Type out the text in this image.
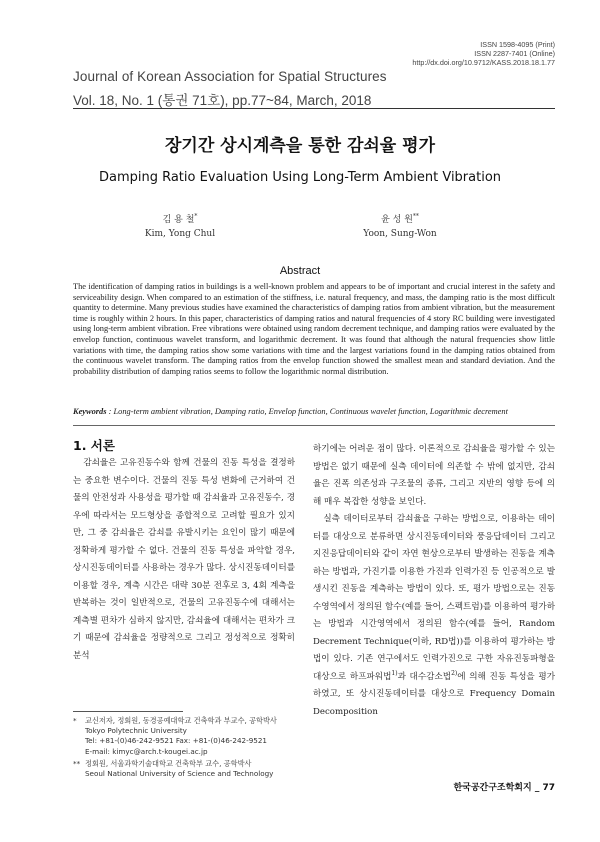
ISSN 1598-4095 (Print)
ISSN 2287-7401 (Online)
http://dx.doi.org/10.9712/KASS.2018.18.1.77
Journal of Korean Association for Spatial Structures
Vol. 18, No. 1 (통권 71호), pp.77~84, March, 2018
장기간 상시계측을 통한 감쇠율 평가
Damping Ratio Evaluation Using Long-Term Ambient Vibration
김 용 철*
Kim, Yong Chul
윤 성 원**
Yoon, Sung-Won
Abstract
The identification of damping ratios in buildings is a well-known problem and appears to be of important and crucial interest in the safety and serviceability design. When compared to an estimation of the stiffness, i.e. natural frequency, and mass, the damping ratio is the most difficult quantity to determine. Many previous studies have examined the characteristics of damping ratios from ambient vibration, but the measurement time is roughly within 2 hours. In this paper, characteristics of damping ratios and natural frequencies of 4 story RC building were investigated using long-term ambient vibration. Free vibrations were obtained using random decrement technique, and damping ratios were evaluated by the envelop function, continuous wavelet transform, and logarithmic decrement. It was found that although the natural frequencies show little variations with time, the damping ratios show some variations with time and the largest variations found in the damping ratios obtained from the continuous wavelet transform. The damping ratios from the envelop function showed the smallest mean and standard deviation. And the probability distribution of damping ratios seems to follow the logarithmic normal distribution.
Keywords : Long-term ambient vibration, Damping ratio, Envelop function, Continuous wavelet function, Logarithmic decrement
1. 서론

감쇠율은 고유진동수와 함께 건물의 진동 특성을 결정하는 중요한 변수이다. 건물의 진동 특성 변화에 근거하여 건물의 안전성과 사용성을 평가할 때 감쇠율과 고유진동수, 경우에 따라서는 모드형상을 종합적으로 고려할 필요가 있지만, 그 중 감쇠율은 감쇠를 유발시키는 요인이 많기 때문에 정확하게 평가할 수 없다. 건물의 진동 특성을 파악할 경우, 상시진동데이터를 사용하는 경우가 많다. 상시진동데이터를 이용할 경우, 계측 시간은 대략 30분 전후로 3, 4회 계측을 반복하는 것이 일반적으로, 건물의 고유진동수에 대해서는 계측별 편차가 심하지 않지만, 감쇠율에 대해서는 편차가 크기 때문에 감쇠율을 정량적으로 그리고 정성적으로 정확히 분석

하기에는 어려운 점이 많다. 이론적으로 감쇠율을 평가할 수 있는 방법은 없기 때문에 실측 데이터에 의존할 수 밖에 없지만, 감쇠율은 진폭 의존성과 구조물의 종류, 그리고 지반의 영향 등에 의해 매우 복잡한 성향을 보인다.

실측 데이터로부터 감쇠율을 구하는 방법으로, 이용하는 데이터를 대상으로 분류하면 상시진동데이터와 풍응답데이터 그리고 지진응답데이터와 같이 자연 현상으로부터 발생하는 진동을 계측하는 방법과, 가진기를 이용한 가진과 인력가진 등 인공적으로 발생시킨 진동을 계측하는 방법이 있다. 또, 평가 방법으로는 진동수영역에서 정의된 함수(예를 들어, 스펙트럼)를 이용하여 평가하는 방법과 시간영역에서 정의된 함수(예를 들어, Random Decrement Technique(이하, RD법))를 이용하여 평가하는 방법이 있다. 기존 연구에서도 인력가진으로 구한 자유진동파형을 대상으로 하프파워법$^{1)}$과 대수감소법$^{2)}$에 의해 진동 특성을 평가하였고, 또 상시진동데이터를 대상으로 Frequency Domain Decomposition

*	교신저자, 정회원, 동경공예대학교 건축학과 부교수, 공학박사
Tokyo Polytechnic University
Tel: +81-(0)46-242-9521 Fax: +81-(0)46-242-9521
E-mail: kimyc@arch.t-kougei.ac.jp
** 정회원, 서울과학기술대학교 건축학부 교수, 공학박사
Seoul National University of Science and Technology
한국공간구조학회지 _ 77
